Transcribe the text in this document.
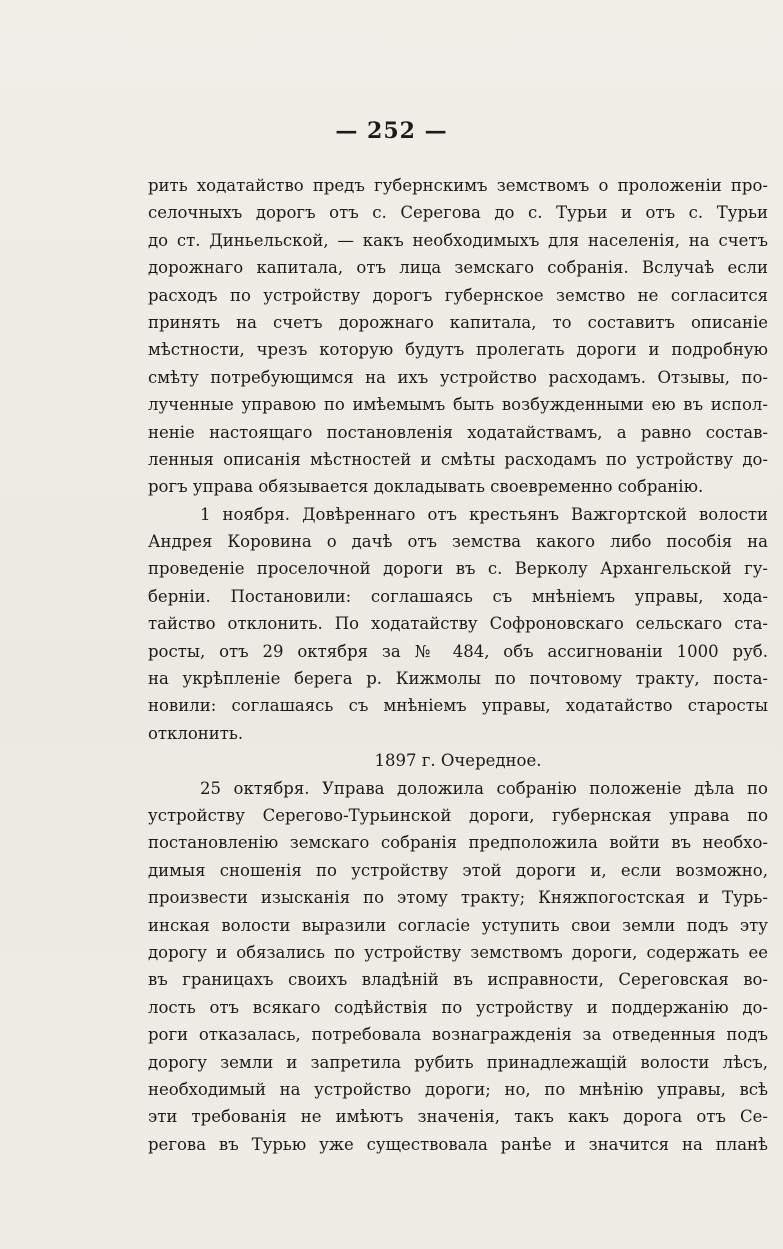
— 252 —
рить ходатайство предъ губернскимъ земствомъ о проложенiи про-
селочныхъ дорогъ отъ с. Серегова до с. Турьи и отъ с. Турьи
до ст. Диньельской, — какъ необходимыхъ для населенія, на счетъ
дорожнаго капитала, отъ лица земскаго собранія. Вслучаѣ если
расходъ по устройству дорогъ губернское земство не согласится
принять на счетъ дорожнаго капитала, то составитъ описаніе
мѣстности, чрезъ которую будутъ пролегать дороги и подробную
смѣту потребующимся на ихъ устройство расходамъ. Отзывы, по-
лученные управою по имѣемымъ быть возбужденными ею въ испол-
неніе настоящаго постановленія ходатайствамъ, а равно состав-
ленныя описанія мѣстностей и смѣты расходамъ по устройству до-
рогъ управа обязывается докладывать своевременно собранію.
1 ноября. Довѣреннаго отъ крестьянъ Важгортской волости
Андрея Коровина о дачѣ отъ земства какого либо пособія на
проведеніе проселочной дороги въ с. Верколу Архангельской гу-
берніи. Постановили: соглашаясь съ мнѣніемъ управы, хода-
тайство отклонить. По ходатайству Софроновскаго сельскаго ста-
росты, отъ 29 октября за № 484, объ ассигнованіи 1000 руб.
на укрѣпленіе берега р. Кижмолы по почтовому тракту, поста-
новили: соглашаясь съ мнѣніемъ управы, ходатайство старосты
отклонить.
1897 г. Очередное.
25 октября. Управа доложила собранію положеніе дѣла по
устройству Серегово-Турьинской дороги, губернская управа по
постановленію земскаго собранія предположила войти въ необхо-
димыя сношенія по устройству этой дороги и, если возможно,
произвести изысканія по этому тракту; Княжпогостская и Турь-
инская волости выразили согласіе уступить свои земли подъ эту
дорогу и обязались по устройству земствомъ дороги, содержать ее
въ границахъ своихъ владѣній въ исправности, Сереговская во-
лость отъ всякаго содѣйствія по устройству и поддержанію до-
роги отказалась, потребовала вознагражденія за отведенныя подъ
дорогу земли и запретила рубить принадлежащій волости лѣсъ,
необходимый на устройство дороги; но, по мнѣнію управы, всѣ
эти требованія не имѣютъ значенія, такъ какъ дорога отъ Се-
регова въ Турью уже существовала ранѣе и значится на планѣ
